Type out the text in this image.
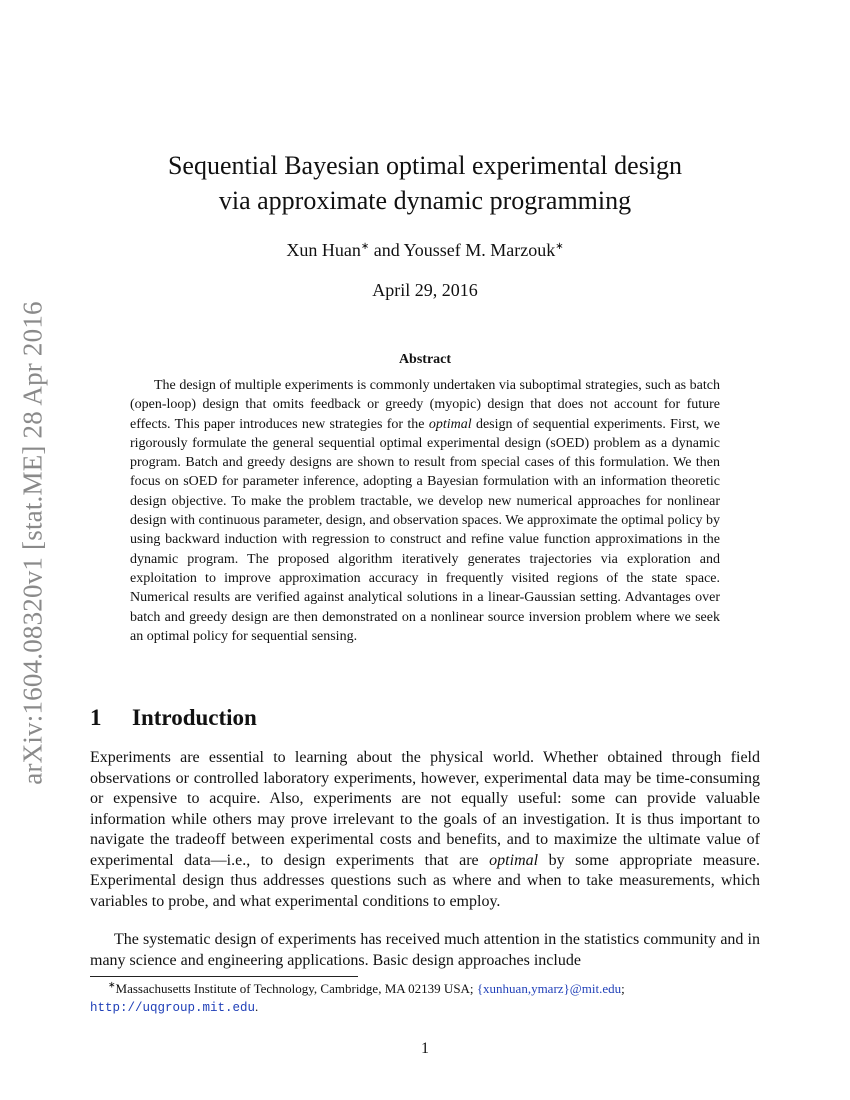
arXiv:1604.08320v1 [stat.ME] 28 Apr 2016
Sequential Bayesian optimal experimental design
via approximate dynamic programming
Xun Huan∗ and Youssef M. Marzouk∗
April 29, 2016
Abstract
The design of multiple experiments is commonly undertaken via suboptimal strategies, such as batch (open-loop) design that omits feedback or greedy (myopic) design that does not account for future effects. This paper introduces new strategies for the optimal design of sequential experiments. First, we rigorously formulate the general sequential optimal experimental design (sOED) problem as a dynamic program. Batch and greedy designs are shown to result from special cases of this formulation. We then focus on sOED for parameter inference, adopting a Bayesian formulation with an information theoretic design objective. To make the problem tractable, we develop new numerical approaches for nonlinear design with continuous parameter, design, and observation spaces. We approximate the optimal policy by using backward induction with regression to construct and refine value function approximations in the dynamic program. The proposed algorithm iteratively generates trajectories via exploration and exploitation to improve approximation accuracy in frequently visited regions of the state space. Numerical results are verified against analytical solutions in a linear-Gaussian setting. Advantages over batch and greedy design are then demonstrated on a nonlinear source inversion problem where we seek an optimal policy for sequential sensing.
1 Introduction

Experiments are essential to learning about the physical world. Whether obtained through field observations or controlled laboratory experiments, however, experimental data may be time-consuming or expensive to acquire. Also, experiments are not equally useful: some can provide valuable information while others may prove irrelevant to the goals of an investigation. It is thus important to navigate the tradeoff between experimental costs and benefits, and to maximize the ultimate value of experimental data—i.e., to design experiments that are optimal by some appropriate measure. Experimental design thus addresses questions such as where and when to take measurements, which variables to probe, and what experimental conditions to employ.

The systematic design of experiments has received much attention in the statistics community and in many science and engineering applications. Basic design approaches include

∗Massachusetts Institute of Technology, Cambridge, MA 02139 USA; {xunhuan,ymarz}@mit.edu;
http://uqgroup.mit.edu.
1
